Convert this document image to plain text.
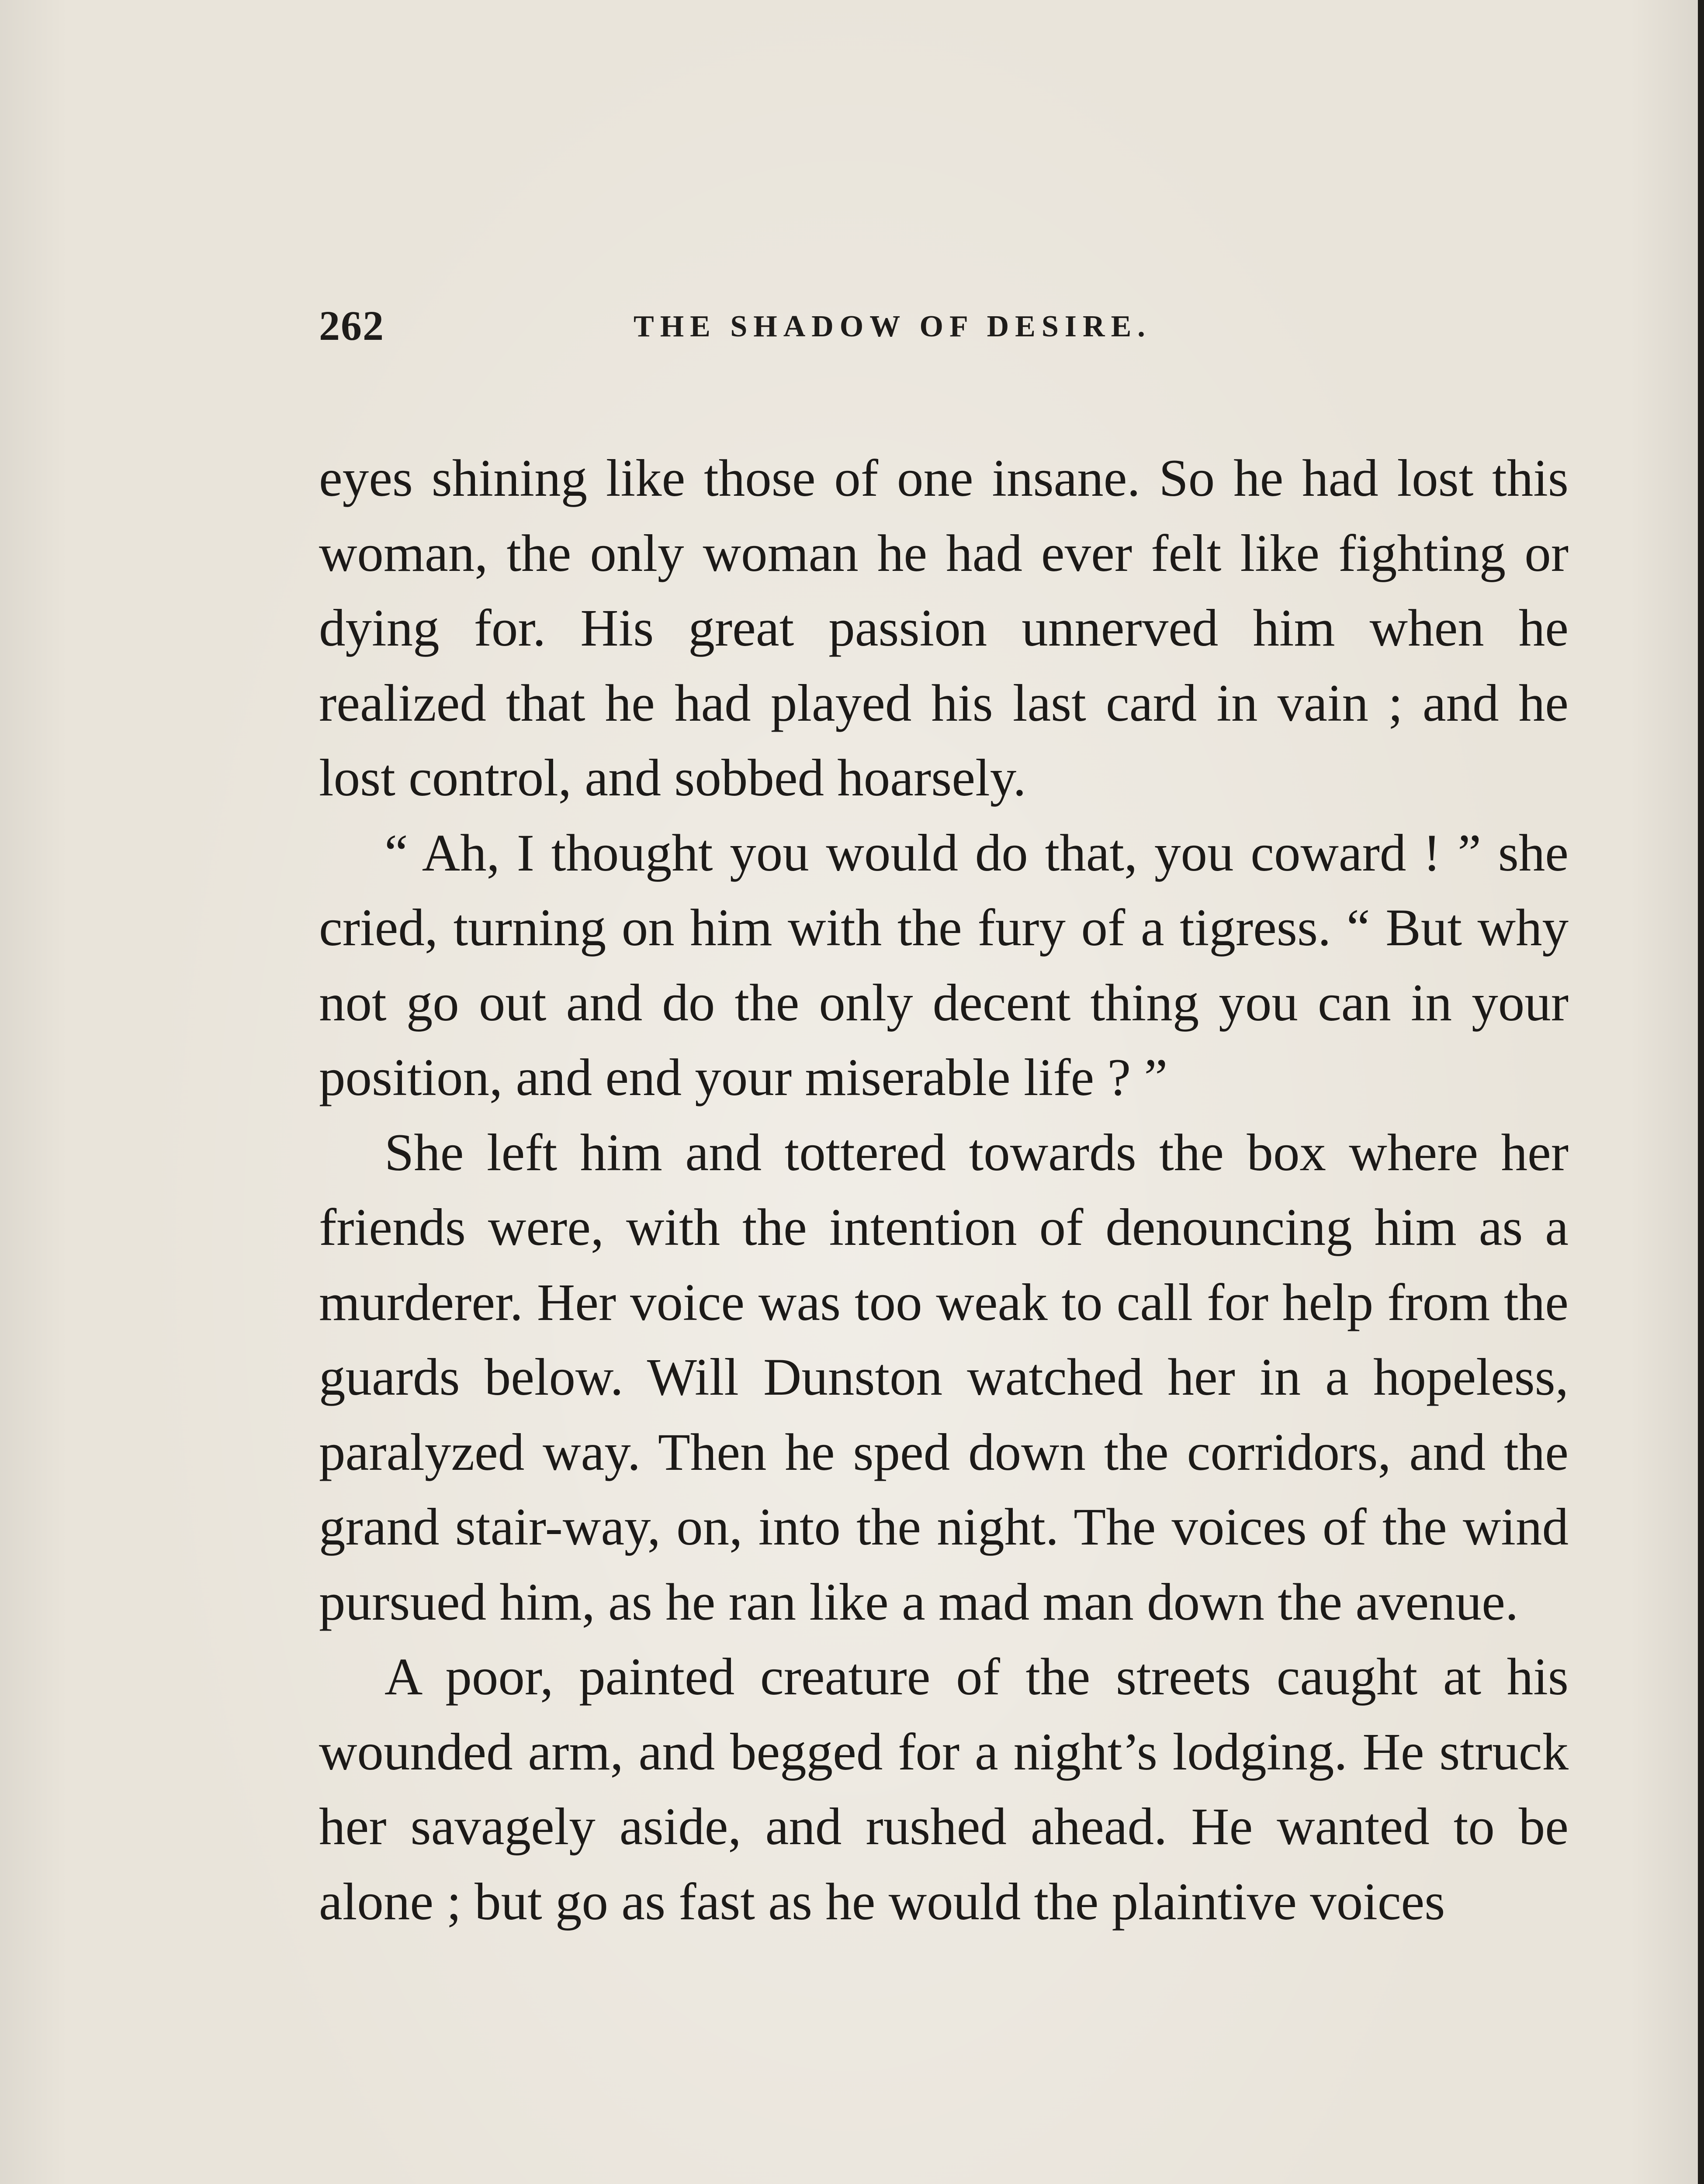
262	THE SHADOW OF DESIRE.

eyes shining like those of one insane. So he had lost this woman, the only woman he had ever felt like fighting or dying for. His great passion unnerved him when he realized that he had played his last card in vain ; and he lost control, and sobbed hoarsely.

“ Ah, I thought you would do that, you coward ! ” she cried, turning on him with the fury of a tigress. “ But why not go out and do the only decent thing you can in your position, and end your miserable life ? ”

She left him and tottered towards the box where her friends were, with the intention of denouncing him as a murderer. Her voice was too weak to call for help from the guards below. Will Dunston watched her in a hopeless, paralyzed way. Then he sped down the corridors, and the grand stair-way, on, into the night. The voices of the wind pursued him, as he ran like a mad man down the avenue.

A poor, painted creature of the streets caught at his wounded arm, and begged for a night’s lodging. He struck her savagely aside, and rushed ahead. He wanted to be alone ; but go as fast as he would the plaintive voices
